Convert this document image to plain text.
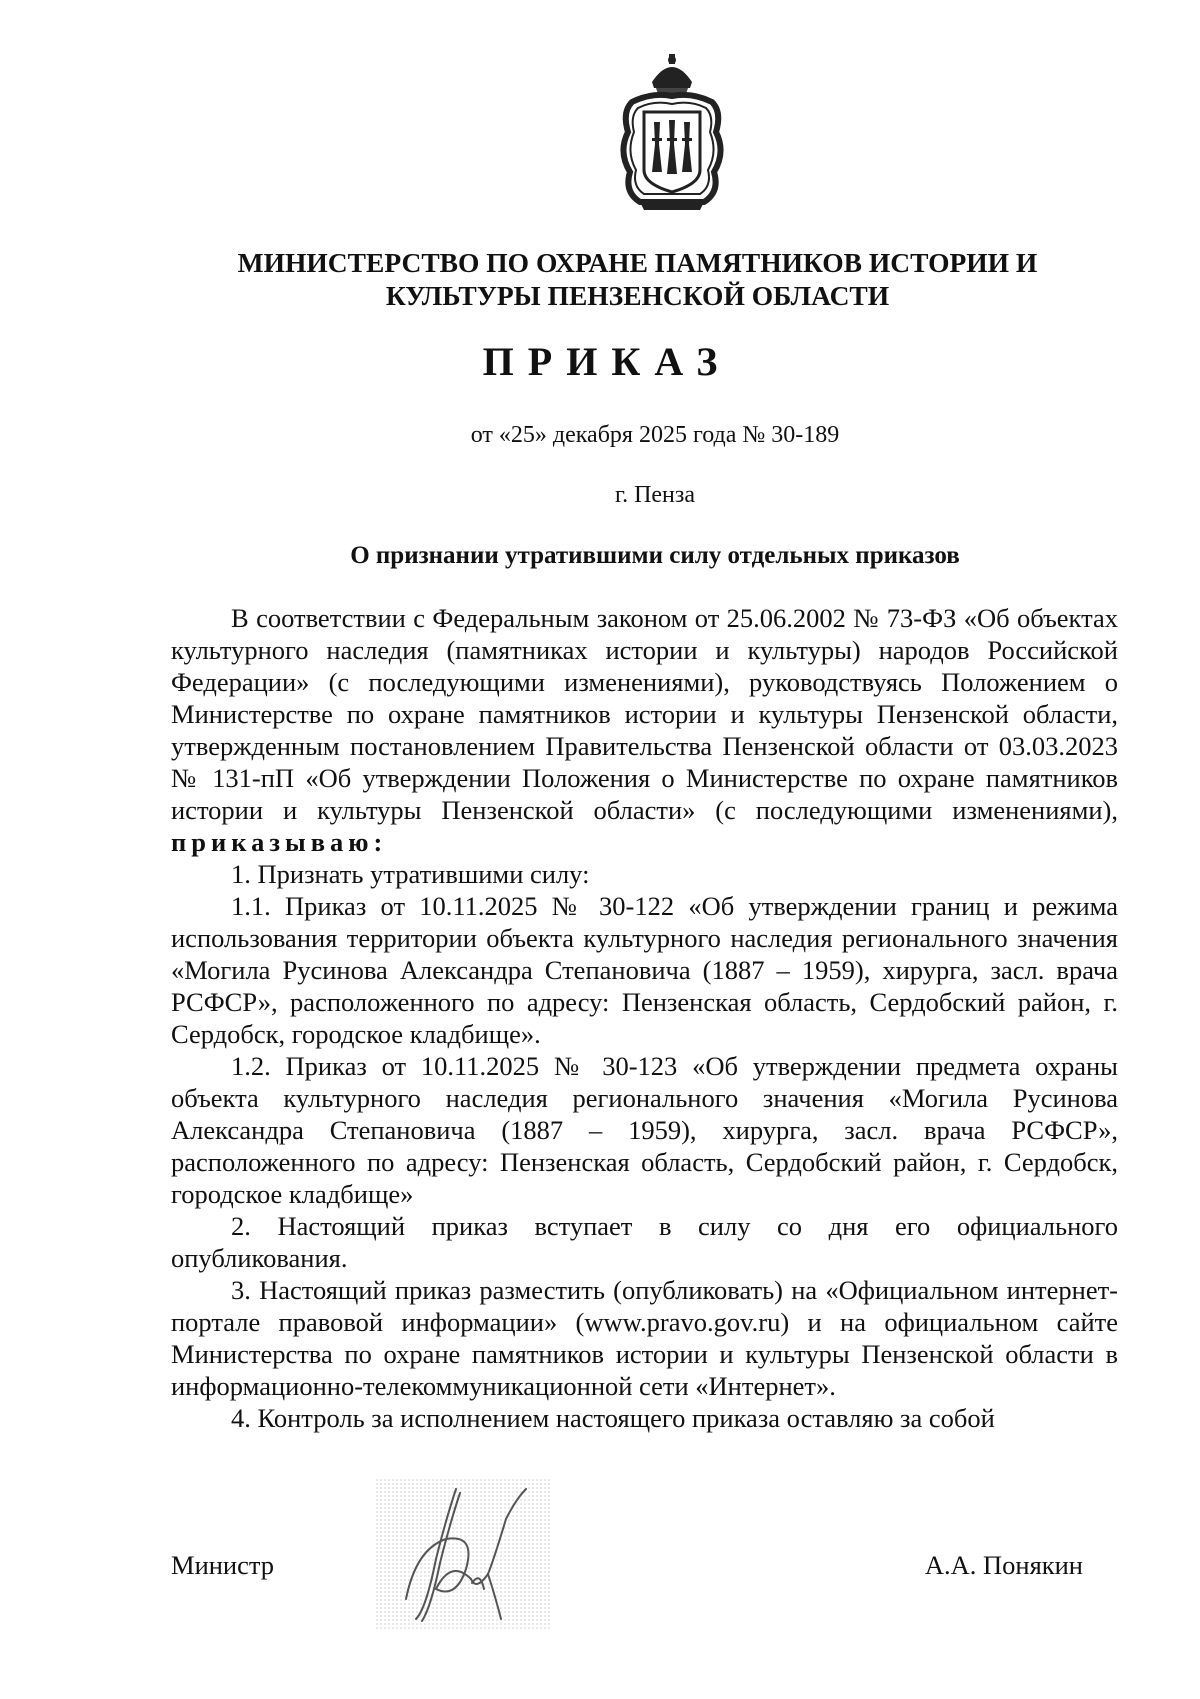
МИНИСТЕРСТВО ПО ОХРАНЕ ПАМЯТНИКОВ ИСТОРИИ И
КУЛЬТУРЫ ПЕНЗЕНСКОЙ ОБЛАСТИ
ПРИКАЗ
от «25» декабря 2025 года № 30-189
г. Пенза
О признании утратившими силу отдельных приказов

В соответствии с Федеральным законом от 25.06.2002 № 73-ФЗ «Об объектах культурного наследия (памятниках истории и культуры) народов Российской Федерации» (с последующими изменениями), руководствуясь Положением о Министерстве по охране памятников истории и культуры Пензенской области, утвержденным постановлением Правительства Пензенской области от 03.03.2023 № 131-пП «Об утверждении Положения о Министерстве по охране памятников истории и культуры Пензенской области» (с последующими изменениями), приказываю:

1. Признать утратившими силу:

1.1. Приказ от 10.11.2025 № 30-122 «Об утверждении границ и режима использования территории объекта культурного наследия регионального значения «Могила Русинова Александра Степановича (1887 – 1959), хирурга, засл. врача РСФСР», расположенного по адресу: Пензенская область, Сердобский район, г. Сердобск, городское кладбище».

1.2. Приказ от 10.11.2025 № 30-123 «Об утверждении предмета охраны объекта культурного наследия регионального значения «Могила Русинова Александра Степановича (1887 – 1959), хирурга, засл. врача РСФСР», расположенного по адресу: Пензенская область, Сердобский район, г. Сердобск, городское кладбище»

2. Настоящий приказ вступает в силу со дня его официального опубликования.

3. Настоящий приказ разместить (опубликовать) на «Официальном интернет-портале правовой информации» (www.pravo.gov.ru) и на официальном сайте Министерства по охране памятников истории и культуры Пензенской области в информационно-телекоммуникационной сети «Интернет».

4. Контроль за исполнением настоящего приказа оставляю за собой

Министр	А.А. Понякин
